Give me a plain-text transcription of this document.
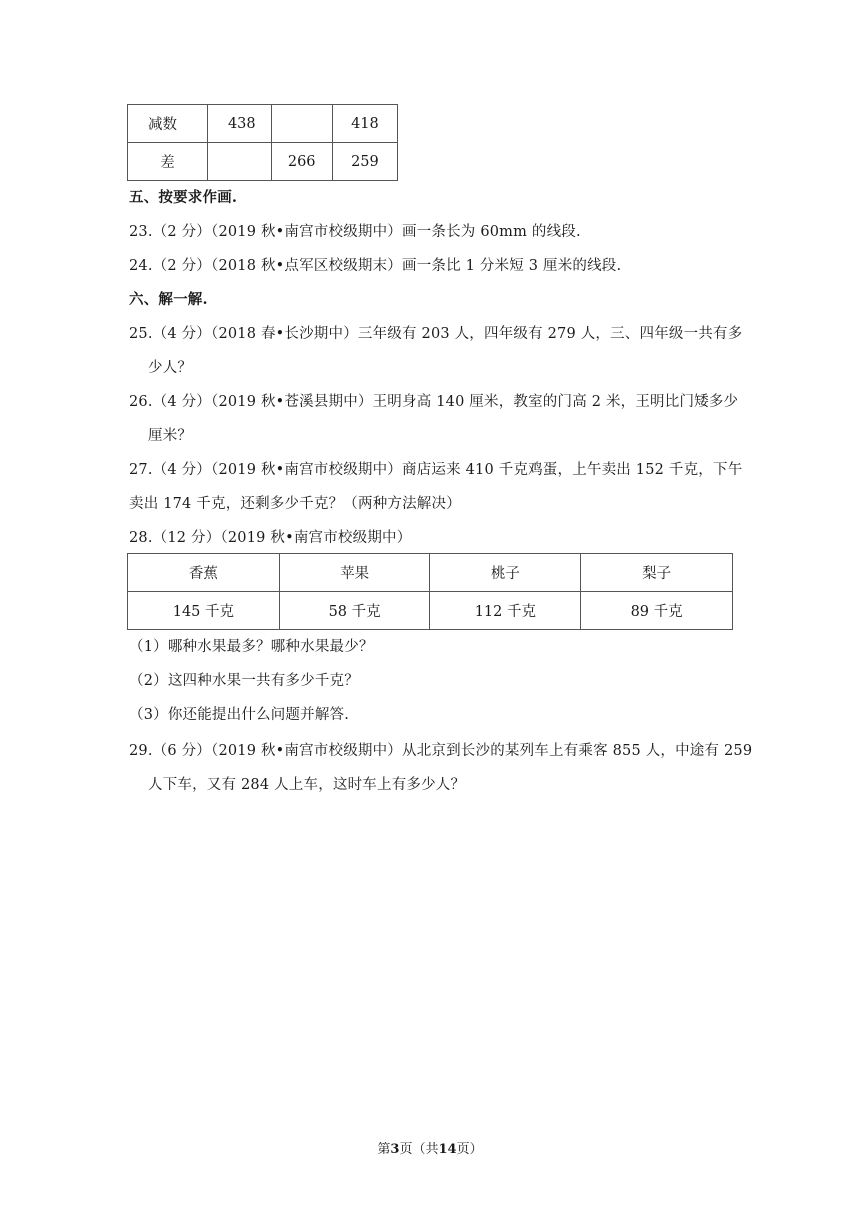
减数	438		418
差		266	259
五、按要求作画.
23.（2 分）（2019 秋•南宫市校级期中）画一条长为 60mm 的线段.
24.（2 分）（2018 秋•点军区校级期末）画一条比 1 分米短 3 厘米的线段.
六、解一解.
25.（4 分）（2018 春•长沙期中）三年级有 203 人，四年级有 279 人，三、四年级一共有多
少人？
26.（4 分）（2019 秋•苍溪县期中）王明身高 140 厘米，教室的门高 2 米，王明比门矮多少
厘米？
27.（4 分）（2019 秋•南宫市校级期中）商店运来 410 千克鸡蛋，上午卖出 152 千克，下午
卖出 174 千克，还剩多少千克？（两种方法解决）
28.（12 分）（2019 秋•南宫市校级期中）
香蕉	苹果	桃子	梨子
145 千克	58 千克	112 千克	89 千克
（1）哪种水果最多？哪种水果最少？
（2）这四种水果一共有多少千克？
（3）你还能提出什么问题并解答.
29.（6 分）（2019 秋•南宫市校级期中）从北京到长沙的某列车上有乘客 855 人，中途有 259
人下车，又有 284 人上车，这时车上有多少人？
第3页（共14页）
